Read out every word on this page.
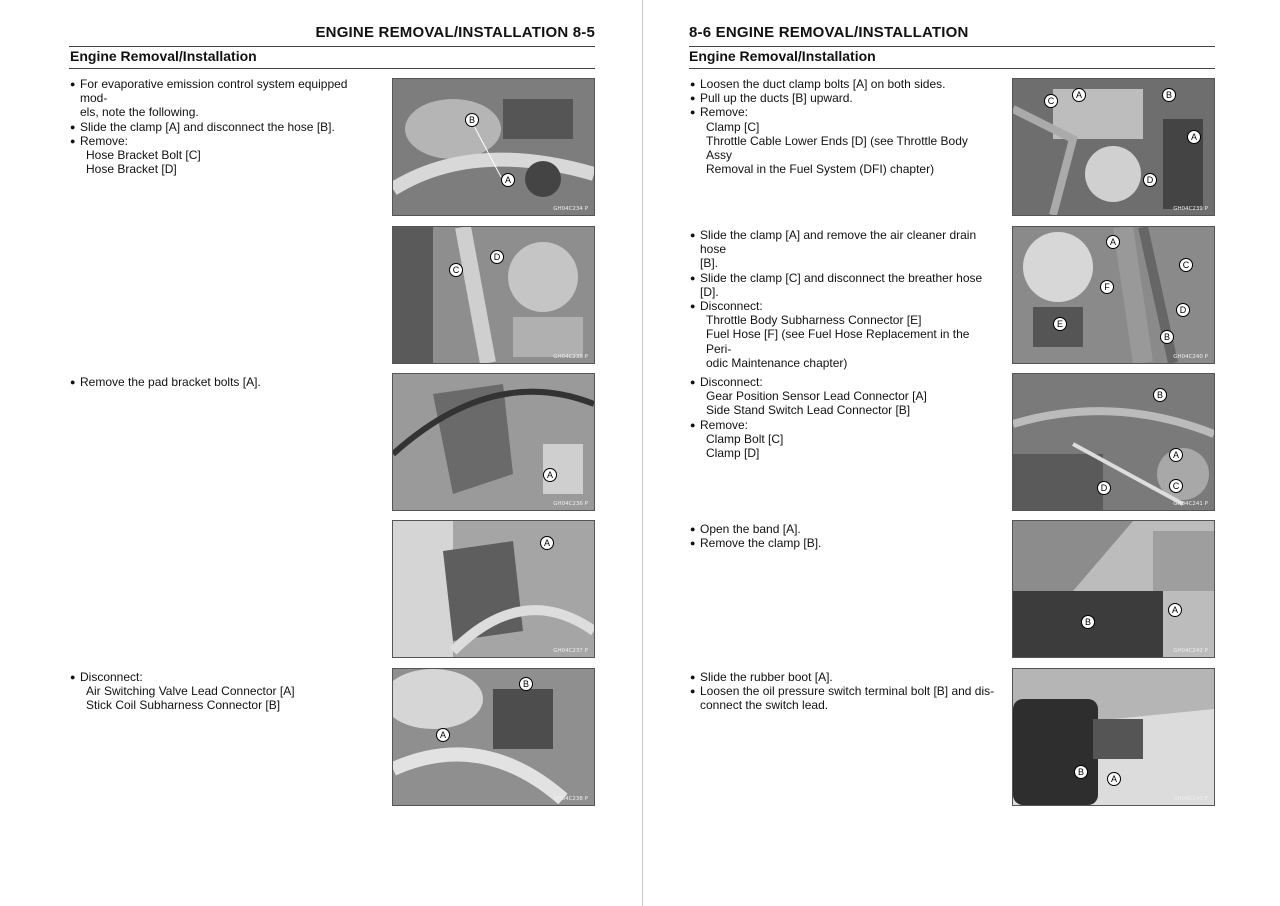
ENGINE REMOVAL/INSTALLATION 8-5
Engine Removal/Installation
● For evaporative emission control system equipped mod-
els, note the following.
● Slide the clamp [A] and disconnect the hose [B].
● Remove:
Hose Bracket Bolt [C]
Hose Bracket [D]
● Remove the pad bracket bolts [A].
● Disconnect:
Air Switching Valve Lead Connector [A]
Stick Coil Subharness Connector [B]
B
A
GH04C234 P
C
D
GH04C235 P
A
GH04C236 P
A
GH04C237 P
B
A
GH04C238 P
8-6 ENGINE REMOVAL/INSTALLATION
Engine Removal/Installation
● Loosen the duct clamp bolts [A] on both sides.
● Pull up the ducts [B] upward.
● Remove:
Clamp [C]
Throttle Cable Lower Ends [D] (see Throttle Body Assy
Removal in the Fuel System (DFI) chapter)
● Slide the clamp [A] and remove the air cleaner drain hose
[B].
● Slide the clamp [C] and disconnect the breather hose [D].
● Disconnect:
Throttle Body Subharness Connector [E]
Fuel Hose [F] (see Fuel Hose Replacement in the Peri-
odic Maintenance chapter)
● Disconnect:
Gear Position Sensor Lead Connector [A]
Side Stand Switch Lead Connector [B]
● Remove:
Clamp Bolt [C]
Clamp [D]
● Open the band [A].
● Remove the clamp [B].
● Slide the rubber boot [A].
● Loosen the oil pressure switch terminal bolt [B] and dis-
connect the switch lead.
C
A	B
A
D
GH04C239 P
A
C
F
D
E
B
GH04C240 P
B
A
D	C
GH04C241 P
A
B
GH04C242 P
B
A
GH04C243 P
